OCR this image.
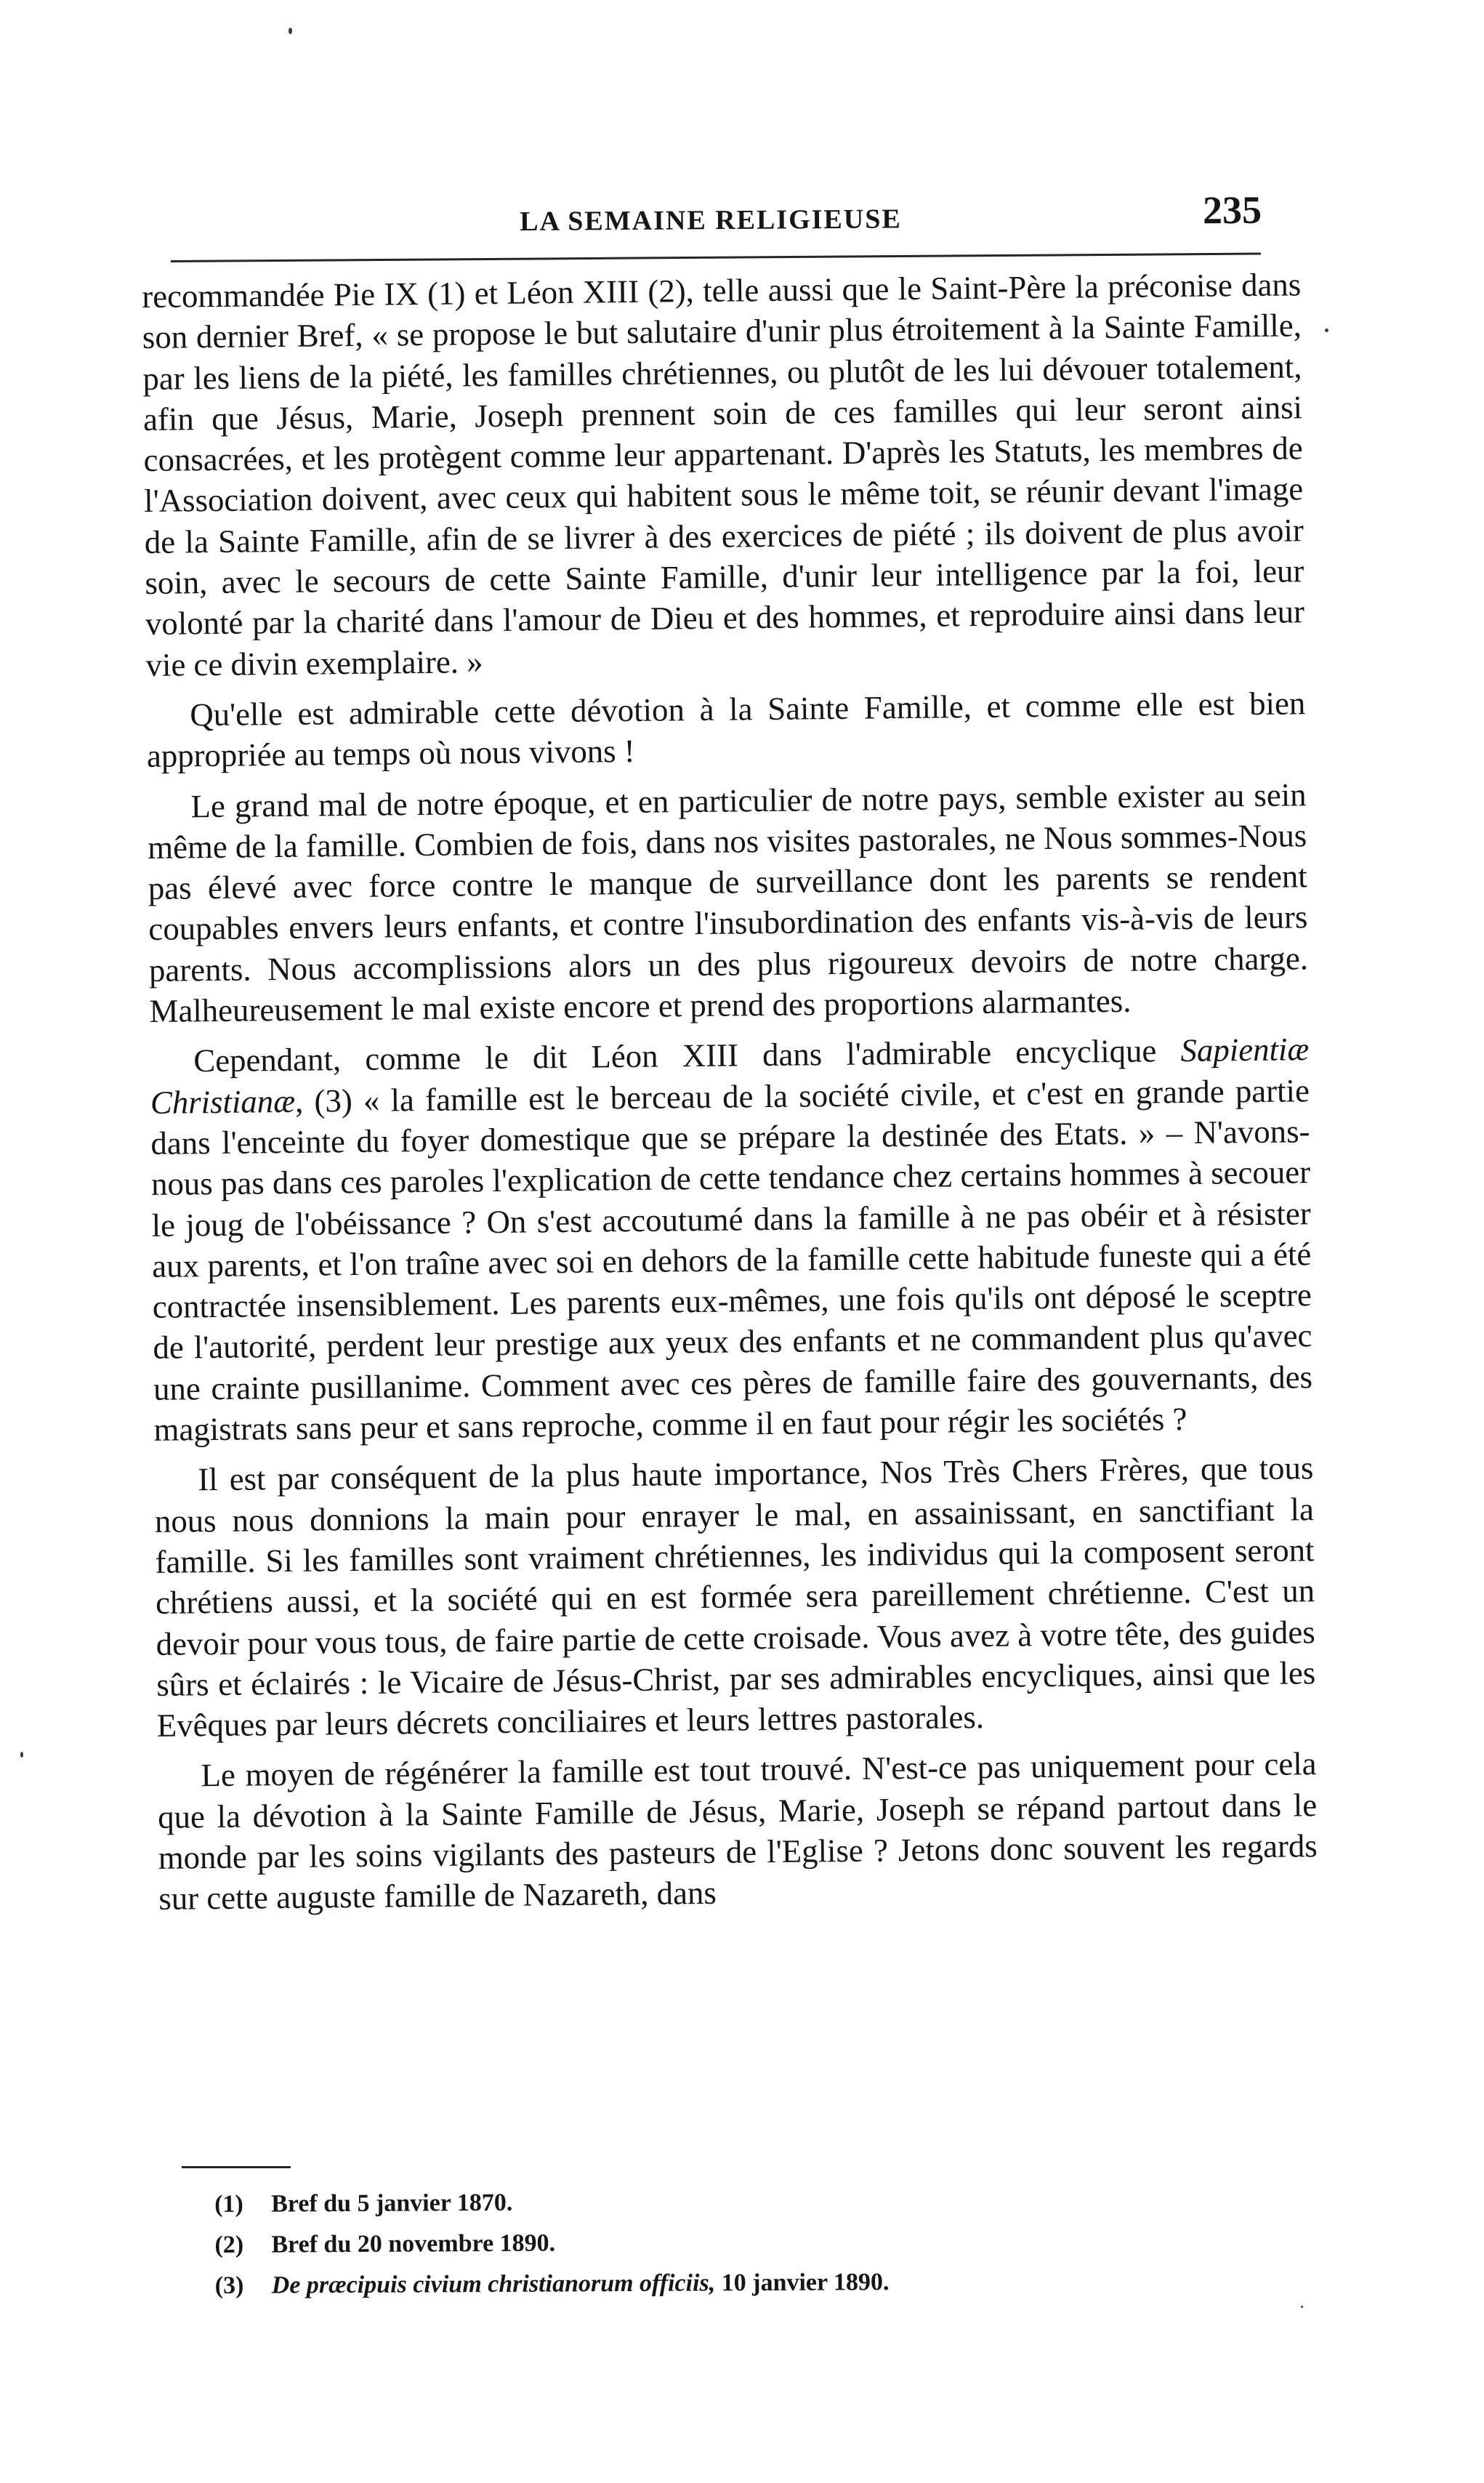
LA SEMAINE RELIGIEUSE	235

recommandée Pie IX (1) et Léon XIII (2), telle aussi que le Saint-Père la préconise dans son dernier Bref, « se propose le but salutaire d'unir plus étroitement à la Sainte Famille, par les liens de la piété, les familles chrétiennes, ou plutôt de les lui dévouer totalement, afin que Jésus, Marie, Joseph prennent soin de ces familles qui leur seront ainsi consacrées, et les protègent comme leur appartenant. D'après les Statuts, les membres de l'Association doivent, avec ceux qui habitent sous le même toit, se réunir devant l'image de la Sainte Famille, afin de se livrer à des exercices de piété ; ils doivent de plus avoir soin, avec le secours de cette Sainte Famille, d'unir leur intelligence par la foi, leur volonté par la charité dans l'amour de Dieu et des hommes, et reproduire ainsi dans leur vie ce divin exemplaire. »

Qu'elle est admirable cette dévotion à la Sainte Famille, et comme elle est bien appropriée au temps où nous vivons !

Le grand mal de notre époque, et en particulier de notre pays, semble exister au sein même de la famille. Combien de fois, dans nos visites pastorales, ne Nous sommes-Nous pas élevé avec force contre le manque de surveillance dont les parents se rendent coupables envers leurs enfants, et contre l'insubordination des enfants vis-à-vis de leurs parents. Nous accomplissions alors un des plus rigoureux devoirs de notre charge. Malheureusement le mal existe encore et prend des proportions alarmantes.

Cependant, comme le dit Léon XIII dans l'admirable encyclique Sapientiæ Christianæ, (3) « la famille est le berceau de la société civile, et c'est en grande partie dans l'enceinte du foyer domestique que se prépare la destinée des Etats. » – N'avons-nous pas dans ces paroles l'explication de cette tendance chez certains hommes à secouer le joug de l'obéissance ? On s'est accoutumé dans la famille à ne pas obéir et à résister aux parents, et l'on traîne avec soi en dehors de la famille cette habitude funeste qui a été contractée insensiblement. Les parents eux-mêmes, une fois qu'ils ont déposé le sceptre de l'autorité, perdent leur prestige aux yeux des enfants et ne commandent plus qu'avec une crainte pusillanime. Comment avec ces pères de famille faire des gouvernants, des magistrats sans peur et sans reproche, comme il en faut pour régir les sociétés ?

Il est par conséquent de la plus haute importance, Nos Très Chers Frères, que tous nous nous donnions la main pour enrayer le mal, en assainissant, en sanctifiant la famille. Si les familles sont vraiment chrétiennes, les individus qui la composent seront chrétiens aussi, et la société qui en est formée sera pareillement chrétienne. C'est un devoir pour vous tous, de faire partie de cette croisade. Vous avez à votre tête, des guides sûrs et éclairés : le Vicaire de Jésus-Christ, par ses admirables encycliques, ainsi que les Evêques par leurs décrets conciliaires et leurs lettres pastorales.

Le moyen de régénérer la famille est tout trouvé. N'est-ce pas uniquement pour cela que la dévotion à la Sainte Famille de Jésus, Marie, Joseph se répand partout dans le monde par les soins vigilants des pasteurs de l'Eglise ? Jetons donc souvent les regards sur cette auguste famille de Nazareth, dans

(1) Bref du 5 janvier 1870.
(2) Bref du 20 novembre 1890.
(3) De præcipuis civium christianorum officiis, 10 janvier 1890.
